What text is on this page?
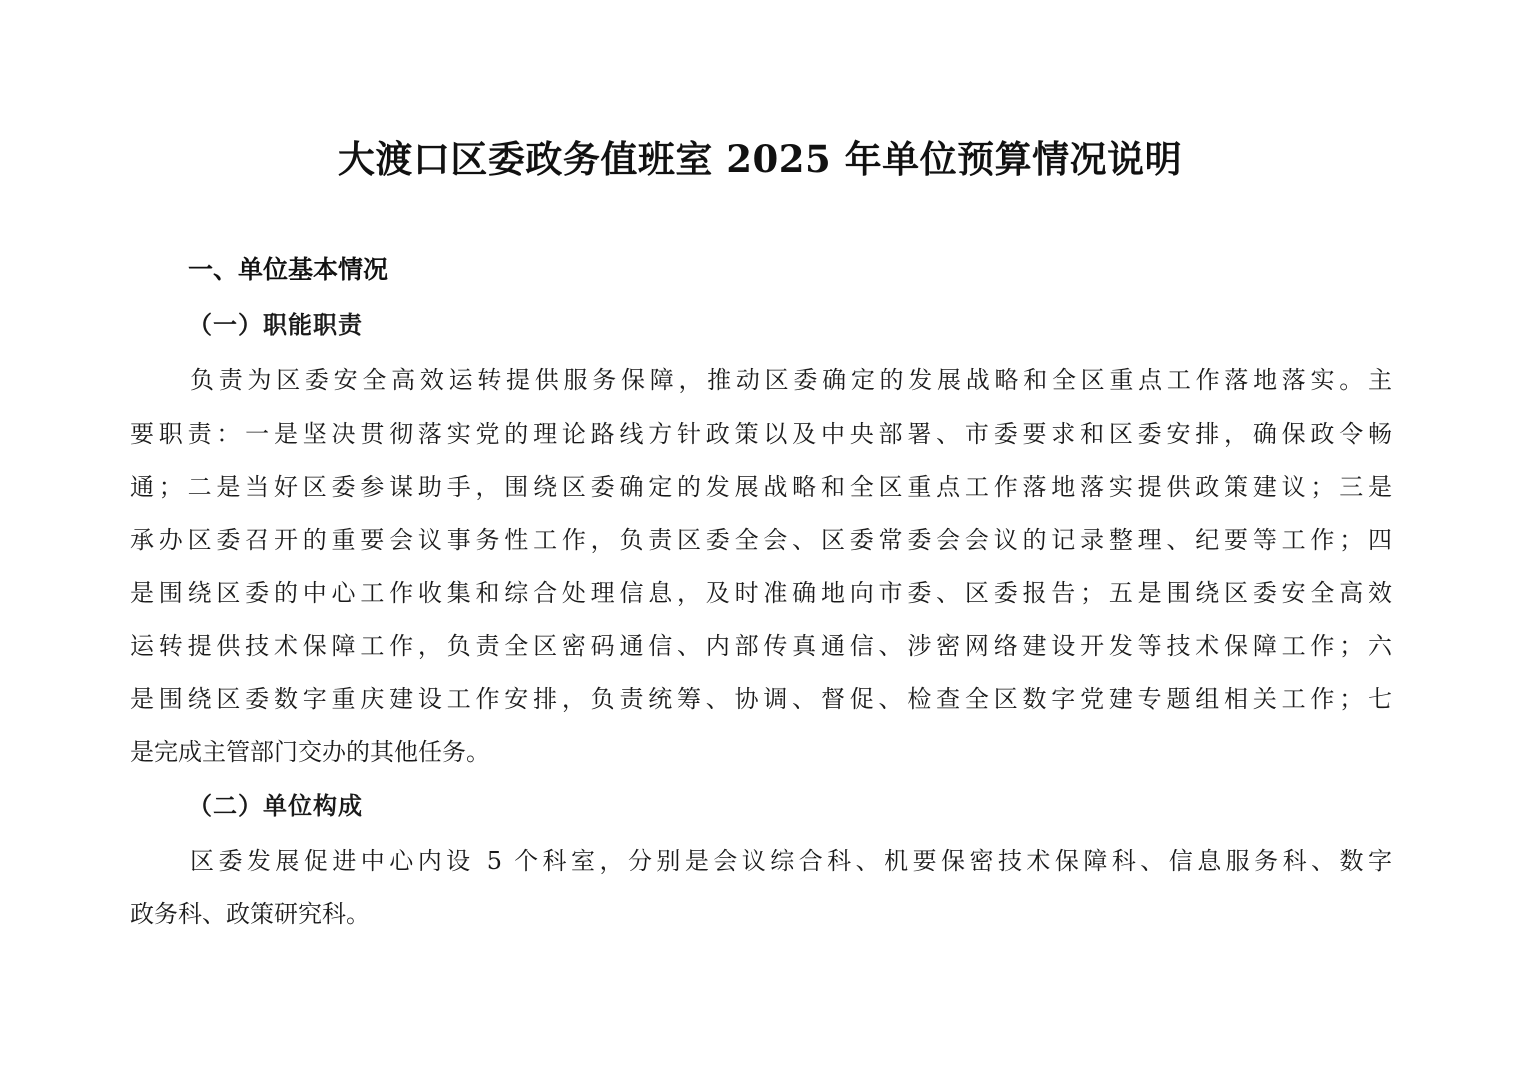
大渡口区委政务值班室 2025 年单位预算情况说明
一、单位基本情况
（一）职能职责

负责为区委安全高效运转提供服务保障，推动区委确定的发展战略和全区重点工作落地落实。主

要职责：一是坚决贯彻落实党的理论路线方针政策以及中央部署、市委要求和区委安排，确保政令畅

通；二是当好区委参谋助手，围绕区委确定的发展战略和全区重点工作落地落实提供政策建议；三是

承办区委召开的重要会议事务性工作，负责区委全会、区委常委会会议的记录整理、纪要等工作；四

是围绕区委的中心工作收集和综合处理信息，及时准确地向市委、区委报告；五是围绕区委安全高效

运转提供技术保障工作，负责全区密码通信、内部传真通信、涉密网络建设开发等技术保障工作；六

是围绕区委数字重庆建设工作安排，负责统筹、协调、督促、检查全区数字党建专题组相关工作；七

是完成主管部门交办的其他任务。

（二）单位构成

区委发展促进中心内设 5 个科室，分别是会议综合科、机要保密技术保障科、信息服务科、数字

政务科、政策研究科。
